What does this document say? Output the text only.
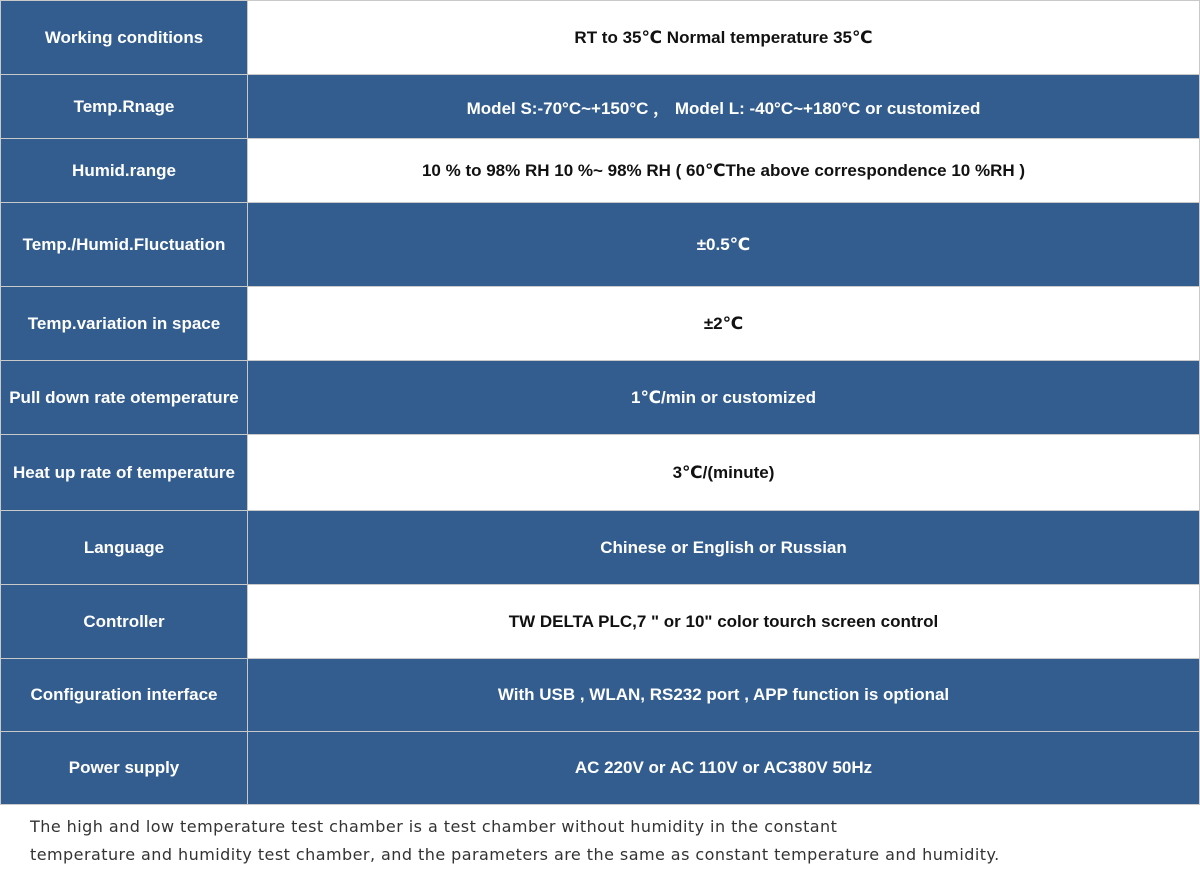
Working conditions	RT to 35℃ Normal temperature 35℃
Temp.Rnage	Model S:-70°C~+150°C ， Model L: -40°C~+180°C or customized
Humid.range	10 % to 98% RH 10 %~ 98% RH ( 60℃The above correspondence 10 %RH )
Temp./Humid.Fluctuation	±0.5℃
Temp.variation in space	±2℃
Pull down rate otemperature	1℃/min or customized
Heat up rate of temperature	3℃/(minute)
Language	Chinese or English or Russian
Controller	TW DELTA PLC,7 " or 10" color tourch screen control
Configuration interface	With USB , WLAN, RS232 port , APP function is optional
Power supply	AC 220V or AC 110V or AC380V 50Hz

The high and low temperature test chamber is a test chamber without humidity in the constant
temperature and humidity test chamber, and the parameters are the same as constant temperature and humidity.
